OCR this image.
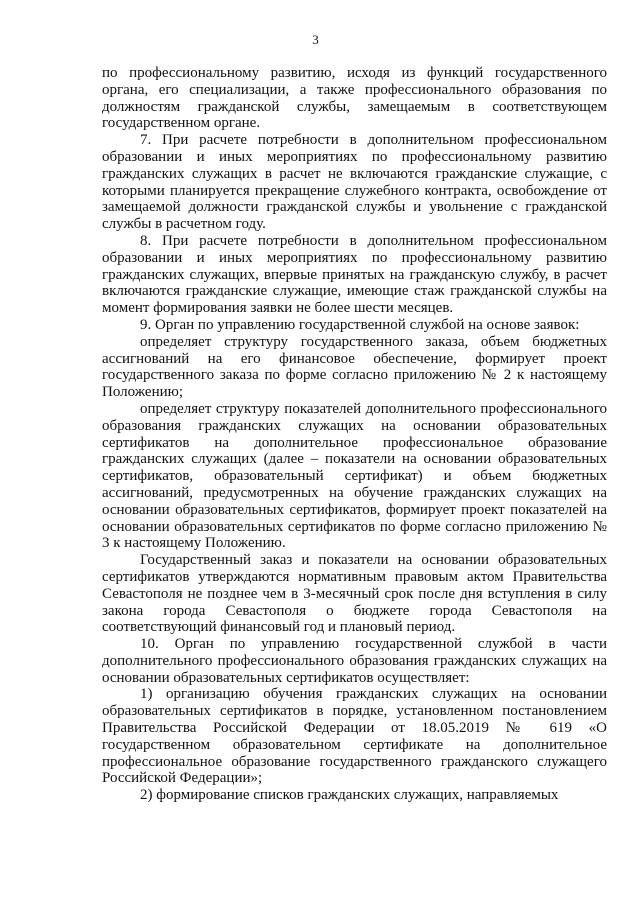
3

по профессиональному развитию, исходя из функций государственного органа, его специализации, а также профессионального образования по должностям гражданской службы, замещаемым в соответствующем государственном органе.

7. При расчете потребности в дополнительном профессиональном образовании и иных мероприятиях по профессиональному развитию гражданских служащих в расчет не включаются гражданские служащие, с которыми планируется прекращение служебного контракта, освобождение от замещаемой должности гражданской службы и увольнение с гражданской службы в расчетном году.

8. При расчете потребности в дополнительном профессиональном образовании и иных мероприятиях по профессиональному развитию гражданских служащих, впервые принятых на гражданскую службу, в расчет включаются гражданские служащие, имеющие стаж гражданской службы на момент формирования заявки не более шести месяцев.

9. Орган по управлению государственной службой на основе заявок:

определяет структуру государственного заказа, объем бюджетных ассигнований на его финансовое обеспечение, формирует проект государственного заказа по форме согласно приложению № 2 к настоящему Положению;

определяет структуру показателей дополнительного профессионального образования гражданских служащих на основании образовательных сертификатов на дополнительное профессиональное образование гражданских служащих (далее – показатели на основании образовательных сертификатов, образовательный сертификат) и объем бюджетных ассигнований, предусмотренных на обучение гражданских служащих на основании образовательных сертификатов, формирует проект показателей на основании образовательных сертификатов по форме согласно приложению № 3 к настоящему Положению.

Государственный заказ и показатели на основании образовательных сертификатов утверждаются нормативным правовым актом Правительства Севастополя не позднее чем в 3-месячный срок после дня вступления в силу закона города Севастополя о бюджете города Севастополя на соответствующий финансовый год и плановый период.

10. Орган по управлению государственной службой в части дополнительного профессионального образования гражданских служащих на основании образовательных сертификатов осуществляет:

1) организацию обучения гражданских служащих на основании образовательных сертификатов в порядке, установленном постановлением Правительства Российской Федерации от 18.05.2019 № 619 «О государственном образовательном сертификате на дополнительное профессиональное образование государственного гражданского служащего Российской Федерации»;

2) формирование списков гражданских служащих, направляемых
